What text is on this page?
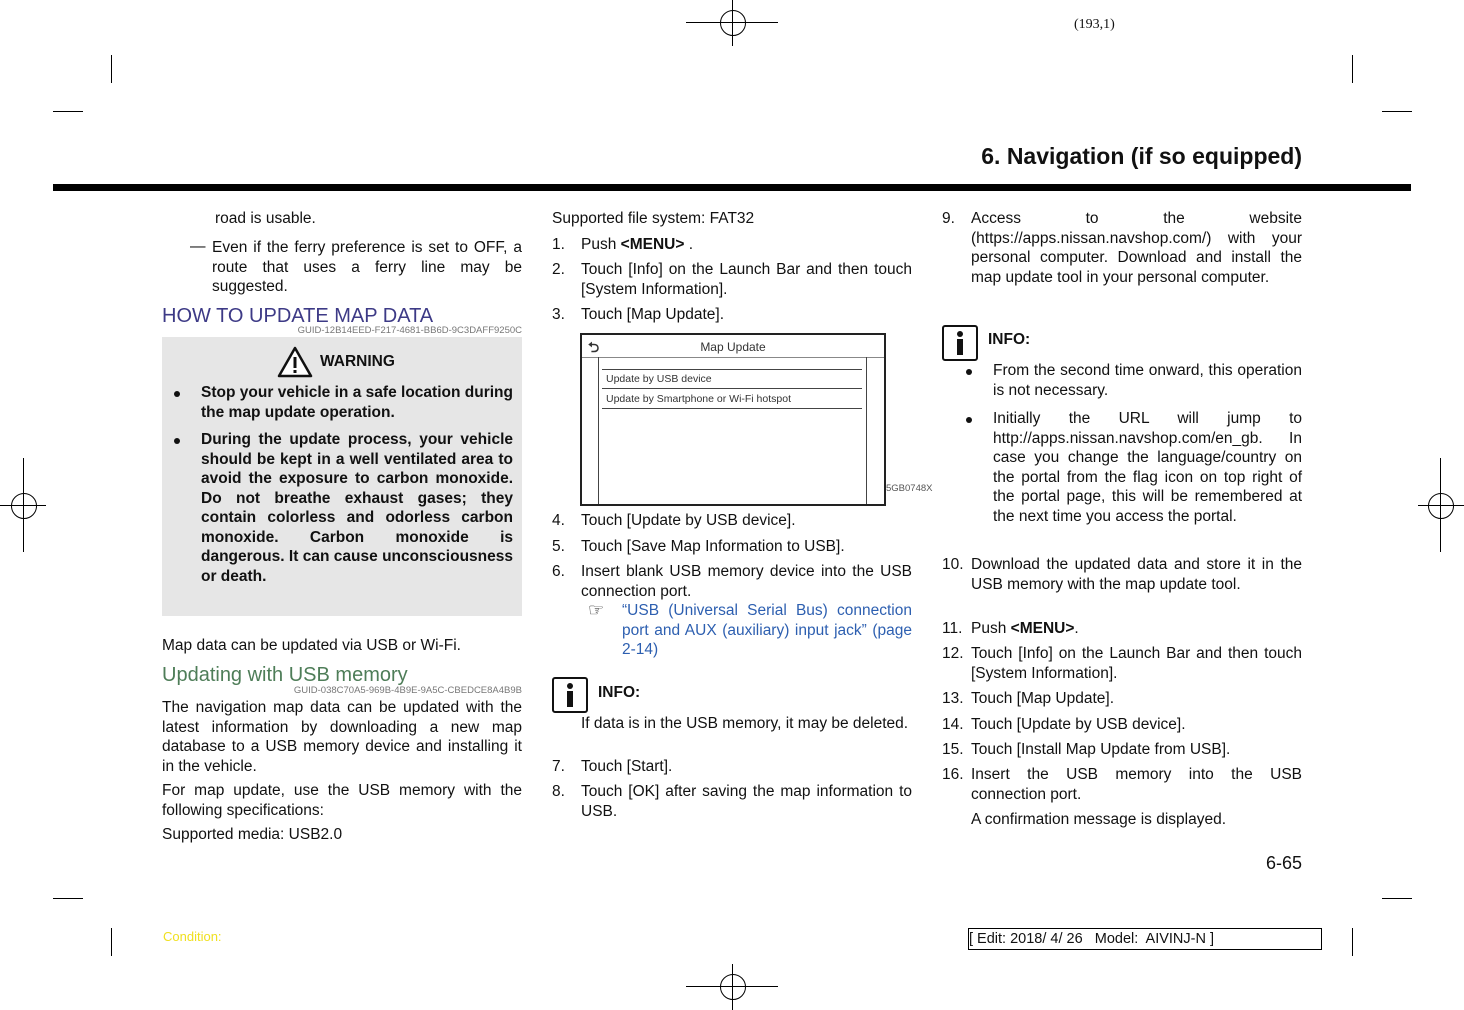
(193,1)
6. Navigation (if so equipped)
road is usable.
— Even if the ferry preference is set to OFF, a route that uses a ferry line may be suggested.
HOW TO UPDATE MAP DATA
GUID-12B14EED-F217-4681-BB6D-9C3DAFF9250C
WARNING
Stop your vehicle in a safe location during the map update operation.
During the update process, your vehicle should be kept in a well ventilated area to avoid the exposure to carbon monoxide. Do not breathe exhaust gases; they contain colorless and odorless carbon monoxide. Carbon monoxide is dangerous. It can cause unconsciousness or death.
Map data can be updated via USB or Wi-Fi.
Updating with USB memory
GUID-038C70A5-969B-4B9E-9A5C-CBEDCE8A4B9B
The navigation map data can be updated with the latest information by downloading a new map database to a USB memory device and installing it in the vehicle.
For map update, use the USB memory with the following specifications:
Supported media: USB2.0
Supported file system: FAT32
1. Push <MENU> .
2. Touch [Info] on the Launch Bar and then touch [System Information].
3. Touch [Map Update].
⮌	Map Update
Update by USB device
Update by Smartphone or Wi-Fi hotspot
5GB0748X
4. Touch [Update by USB device].
5. Touch [Save Map Information to USB].
6. Insert blank USB memory device into the USB connection port.
☞ “USB (Universal Serial Bus) connection port and AUX (auxiliary) input jack” (page 2-14)
INFO:
If data is in the USB memory, it may be deleted.
7. Touch [Start].
8. Touch [OK] after saving the map information to USB.
9. Access to the website (https://apps.nissan.navshop.com/) with your personal computer. Download and install the map update tool in your personal computer.
INFO:
From the second time onward, this operation is not necessary.
Initially the URL will jump to http://apps.nissan.navshop.com/en_gb. In case you change the language/country on the portal from the flag icon on top right of the portal page, this will be remembered at the next time you access the portal.
10. Download the updated data and store it in the USB memory with the map update tool.
11. Push <MENU>.
12. Touch [Info] on the Launch Bar and then touch [System Information].
13. Touch [Map Update].
14. Touch [Update by USB device].
15. Touch [Install Map Update from USB].
16. Insert the USB memory into the USB connection port.
A confirmation message is displayed.
6-65
Condition:	[ Edit: 2018/ 4/ 26   Model:  AIVINJ-N ]
